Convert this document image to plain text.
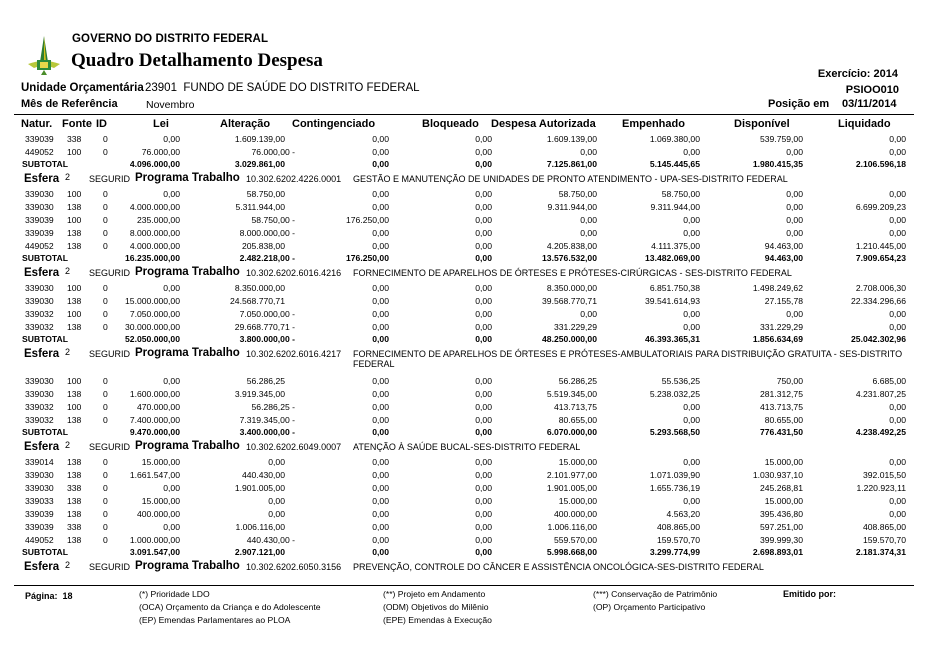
GOVERNO DO DISTRITO FEDERAL
Quadro Detalhamento Despesa
Unidade Orçamentária 23901  FUNDO DE SAÚDE DO DISTRITO FEDERAL
Mês de Referência	Novembro
Exercício: 2014
PSIOO010
Posição em 03/11/2014
Natur. Fonte ID	Lei	Alteração Contingenciado	Bloqueado Despesa Autorizada Empenhado	Disponível	Liquidado
339039 338	0	0,00	1.609.139,00	0,00	0,00	1.609.139,00	1.069.380,00	539.759,00	0,00
449052 100	0	76.000,00	76.000,00 -	0,00	0,00	0,00	0,00	0,00	0,00
SUBTOTAL	4.096.000,00	3.029.861,00	0,00	0,00	7.125.861,00	5.145.445,65	1.980.415,35	2.106.596,18
Esfera 2 SEGURID Programa Trabalho 10.302.6202.4226.0001 GESTÃO E MANUTENÇÃO DE UNIDADES DE PRONTO ATENDIMENTO - UPA-SES-DISTRITO FEDERAL
339030 100	0	0,00	58.750,00	0,00	0,00	58.750,00	58.750,00	0,00	0,00
339030 138	0	4.000.000,00	5.311.944,00	0,00	0,00	9.311.944,00	9.311.944,00	0,00	6.699.209,23
339039 100	0	235.000,00	58.750,00 -	176.250,00	0,00	0,00	0,00	0,00	0,00
339039 138	0	8.000.000,00	8.000.000,00 -	0,00	0,00	0,00	0,00	0,00	0,00
449052 138	0	4.000.000,00	205.838,00	0,00	0,00	4.205.838,00	4.111.375,00	94.463,00	1.210.445,00
SUBTOTAL	16.235.000,00	2.482.218,00 -	176.250,00	0,00	13.576.532,00	13.482.069,00	94.463,00	7.909.654,23
Esfera 2 SEGURID Programa Trabalho 10.302.6202.6016.4216 FORNECIMENTO DE APARELHOS DE ÓRTESES E PRÓTESES-CIRÚRGICAS - SES-DISTRITO FEDERAL
339030 100	0	0,00	8.350.000,00	0,00	0,00	8.350.000,00	6.851.750,38	1.498.249,62	2.708.006,30
339030 138	0 15.000.000,00	24.568.770,71	0,00	0,00	39.568.770,71	39.541.614,93	27.155,78	22.334.296,66
339032 100	0	7.050.000,00	7.050.000,00 -	0,00	0,00	0,00	0,00	0,00	0,00
339032 138	0 30.000.000,00	29.668.770,71 -	0,00	0,00	331.229,29	0,00	331.229,29	0,00
SUBTOTAL	52.050.000,00	3.800.000,00 -	0,00	0,00	48.250.000,00	46.393.365,31	1.856.634,69	25.042.302,96
Esfera 2 SEGURID Programa Trabalho 10.302.6202.6016.4217 FORNECIMENTO DE APARELHOS DE ÓRTESES E PRÓTESES-AMBULATORIAIS PARA DISTRIBUIÇÃO GRATUITA - SES-DISTRITO FEDERAL
339030 100	0	0,00	56.286,25	0,00	0,00	56.286,25	55.536,25	750,00	6.685,00
339030 138	0	1.600.000,00	3.919.345,00	0,00	0,00	5.519.345,00	5.238.032,25	281.312,75	4.231.807,25
339032 100	0	470.000,00	56.286,25 -	0,00	0,00	413.713,75	0,00	413.713,75	0,00
339032 138	0	7.400.000,00	7.319.345,00 -	0,00	0,00	80.655,00	0,00	80.655,00	0,00
SUBTOTAL	9.470.000,00	3.400.000,00 -	0,00	0,00	6.070.000,00	5.293.568,50	776.431,50	4.238.492,25
Esfera 2 SEGURID Programa Trabalho 10.302.6202.6049.0007 ATENÇÃO À SAÚDE BUCAL-SES-DISTRITO FEDERAL
339014 138	0	15.000,00	0,00	0,00	0,00	15.000,00	0,00	15.000,00	0,00
339030 138	0	1.661.547,00	440.430,00	0,00	0,00	2.101.977,00	1.071.039,90	1.030.937,10	392.015,50
339030 338	0	0,00	1.901.005,00	0,00	0,00	1.901.005,00	1.655.736,19	245.268,81	1.220.923,11
339033 138	0	15.000,00	0,00	0,00	0,00	15.000,00	0,00	15.000,00	0,00
339039 138	0	400.000,00	0,00	0,00	0,00	400.000,00	4.563,20	395.436,80	0,00
339039 338	0	0,00	1.006.116,00	0,00	0,00	1.006.116,00	408.865,00	597.251,00	408.865,00
449052 138	0	1.000.000,00	440.430,00 -	0,00	0,00	559.570,00	159.570,70	399.999,30	159.570,70
SUBTOTAL	3.091.547,00	2.907.121,00	0,00	0,00	5.998.668,00	3.299.774,99	2.698.893,01	2.181.374,31
Esfera 2 SEGURID Programa Trabalho 10.302.6202.6050.3156 PREVENÇÃO, CONTROLE DO CÂNCER E ASSISTÊNCIA ONCOLÓGICA-SES-DISTRITO FEDERAL
Página: 18	(*) Prioridade LDO
(OCA) Orçamento da Criança e do Adolescente
(EP) Emendas Parlamentares ao PLOA
(**) Projeto em Andamento
(ODM) Objetivos do Milênio
(EPE) Emendas à Execução
(***) Conservação de Patrimônio
(OP) Orçamento Participativo
Emitido por:
